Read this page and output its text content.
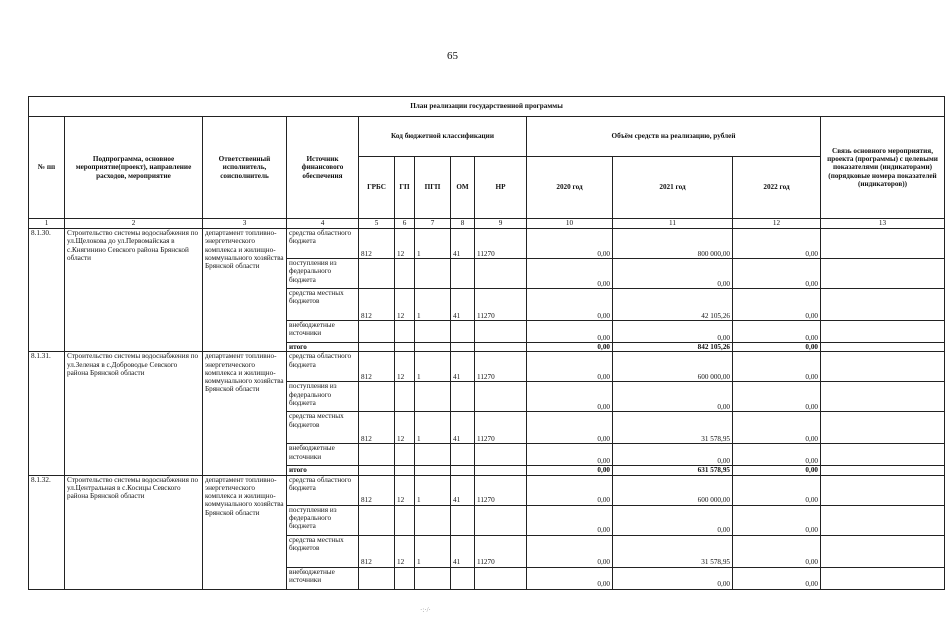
65
План реализации государственной программы												
№ пп	Подпрограмма, основное мероприятие(проект), направление расходов, мероприятие	Ответственный исполнитель, соисполнитель	Источник финансового обеспечения	Код бюджетной классификации					Объём средств на реализацию, рублей			Связь основного мероприятия, проекта (программы) с целевыми показателями (индикаторами) (порядковые номера показателей (индикаторов))
				ГРБС	ГП	ПГП	ОМ	НР	2020 год	2021 год	2022 год	
1	2	3	4	5	6	7	8	9	10	11	12	13
8.1.30.	Строительство системы водоснабжения по ул.Щелокова до ул.Первомайская в с.Княгинино Севского района Брянской области	департамент топливно-энергетического комплекса и жилищно-коммунального хозяйства Брянской области	средства областного бюджета	812	12	1	41	11270	0,00	800 000,00	0,00	
			поступления из федерального бюджета						0,00	0,00	0,00	
			средства местных бюджетов	812	12	1	41	11270	0,00	42 105,26	0,00	
			внебюджетные источники						0,00	0,00	0,00	
			итого						0,00	842 105,26	0,00	
8.1.31.	Строительство системы водоснабжения по ул.Зеленая в с.Доброводье Севского района Брянской области	департамент топливно-энергетического комплекса и жилищно-коммунального хозяйства Брянской области	средства областного бюджета	812	12	1	41	11270	0,00	600 000,00	0,00	
			поступления из федерального бюджета						0,00	0,00	0,00	
			средства местных бюджетов	812	12	1	41	11270	0,00	31 578,95	0,00	
			внебюджетные источники						0,00	0,00	0,00	
			итого						0,00	631 578,95	0,00	
8.1.32.	Строительство системы водоснабжения по ул.Центральная в с.Косицы Севского района Брянской области	департамент топливно-энергетического комплекса и жилищно-коммунального хозяйства Брянской области	средства областного бюджета	812	12	1	41	11270	0,00	600 000,00	0,00	
			поступления из федерального бюджета						0,00	0,00	0,00	
			средства местных бюджетов	812	12	1	41	11270	0,00	31 578,95	0,00	
			внебюджетные источники						0,00	0,00	0,00	
·:·/·
